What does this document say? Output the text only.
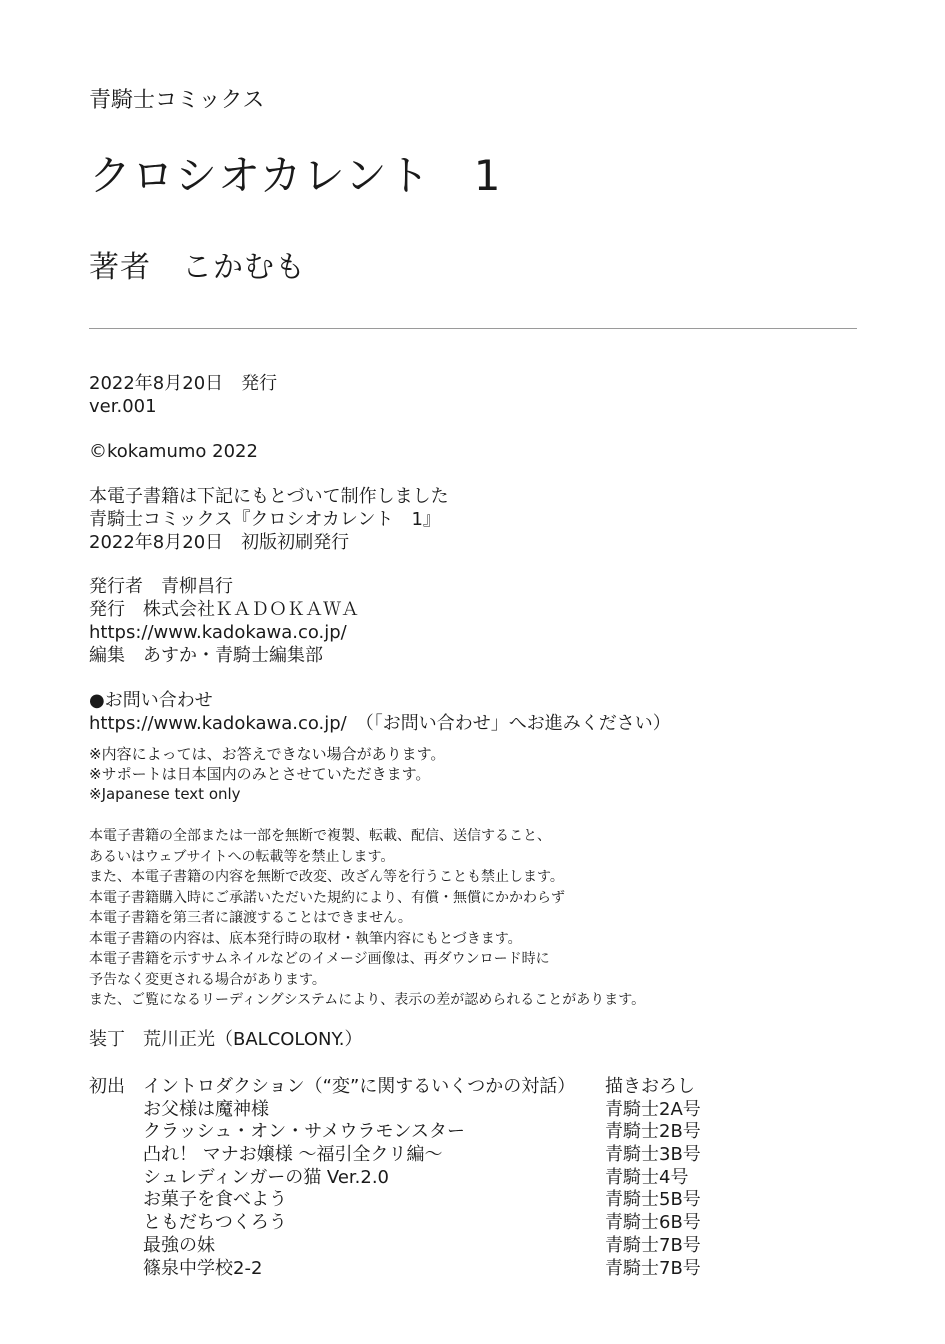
青騎士コミックス
クロシオカレント　1
著者　こかむも
2022年8月20日　発行
ver.001
©kokamumo 2022
本電子書籍は下記にもとづいて制作しました
青騎士コミックス『クロシオカレント　1』
2022年8月20日　初版初刷発行
発行者　青柳昌行
発行　株式会社ＫＡＤＯＫＡＷＡ
https://www.kadokawa.co.jp/
編集　あすか・青騎士編集部
●お問い合わせ
https://www.kadokawa.co.jp/　（「お問い合わせ」へお進みください）
※内容によっては、お答えできない場合があります。
※サポートは日本国内のみとさせていただきます。
※Japanese text only
本電子書籍の全部または一部を無断で複製、転載、配信、送信すること、
あるいはウェブサイトへの転載等を禁止します。
また、本電子書籍の内容を無断で改変、改ざん等を行うことも禁止します。
本電子書籍購入時にご承諾いただいた規約により、有償・無償にかかわらず
本電子書籍を第三者に譲渡することはできません。
本電子書籍の内容は、底本発行時の取材・執筆内容にもとづきます。
本電子書籍を示すサムネイルなどのイメージ画像は、再ダウンロード時に
予告なく変更される場合があります。
また、ご覧になるリーディングシステムにより、表示の差が認められることがあります。
装丁　荒川正光（BALCOLONY.）
初出 イントロダクション（“変”に関するいくつかの対話） 描きおろし
お父様は魔神様	青騎士2A号
クラッシュ・オン・サメウラモンスター	青騎士2B号
凸れ！ マナお嬢様 ～福引全クリ編～	青騎士3B号
シュレディンガーの猫 Ver.2.0	青騎士4号
お菓子を食べよう	青騎士5B号
ともだちつくろう	青騎士6B号
最強の妹	青騎士7B号
篠泉中学校2-2	青騎士7B号
